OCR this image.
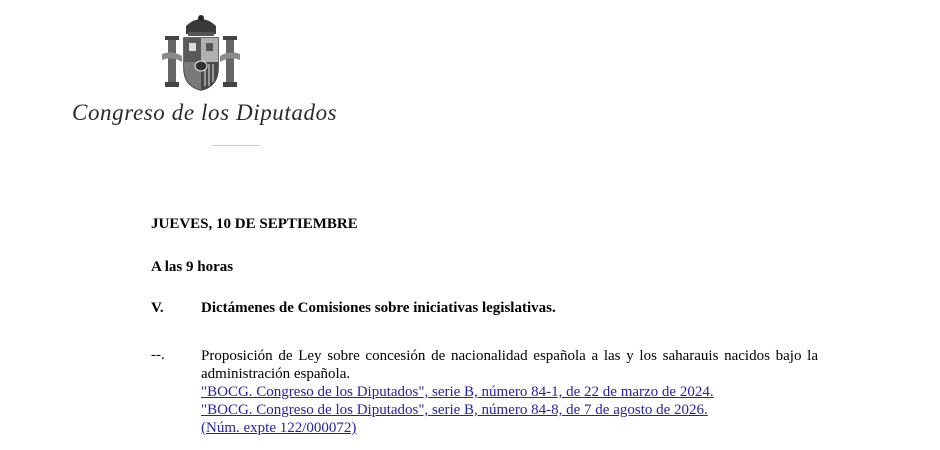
Congreso de los Diputados
JUEVES, 10 DE SEPTIEMBRE
A las 9 horas
V. Dictámenes de Comisiones sobre iniciativas legislativas.
--. Proposición de Ley sobre concesión de nacionalidad española a las y los saharauis nacidos bajo la administración española.
"BOCG. Congreso de los Diputados", serie B, número 84-1, de 22 de marzo de 2024.
"BOCG. Congreso de los Diputados", serie B, número 84-8, de 7 de agosto de 2026.
(Núm. expte 122/000072)
